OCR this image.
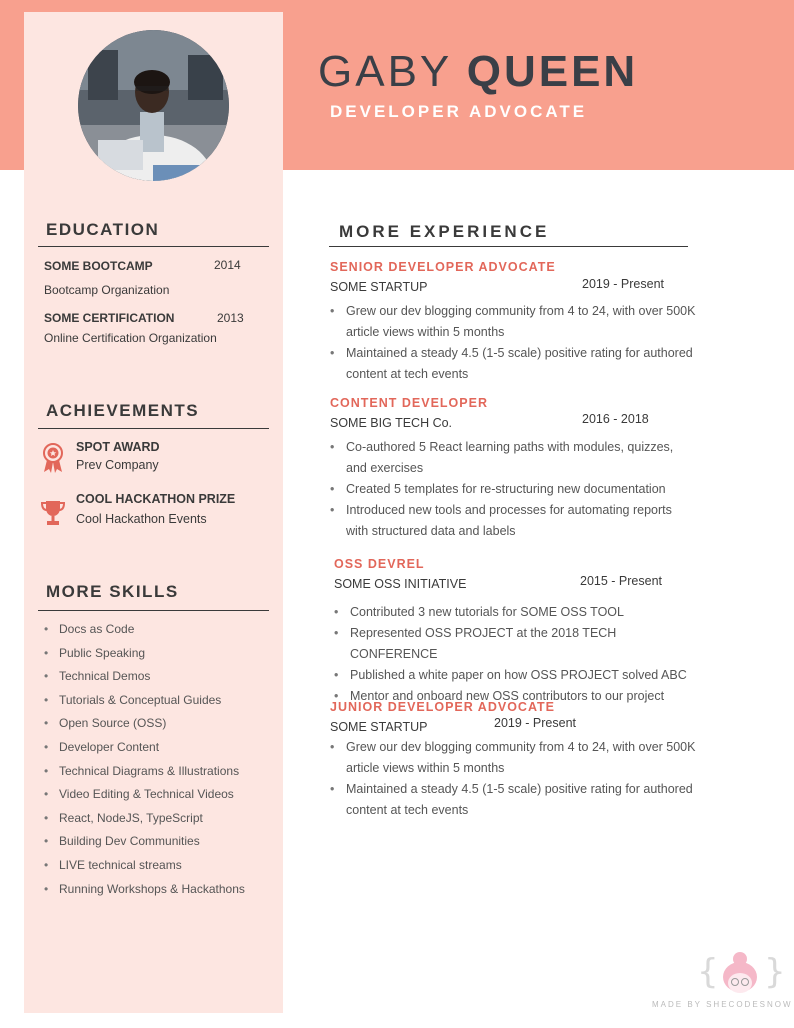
GABY QUEEN
DEVELOPER ADVOCATE
EDUCATION
SOME BOOTCAMP	2014
Bootcamp Organization
SOME CERTIFICATION	2013
Online Certification Organization
ACHIEVEMENTS
SPOT AWARD
Prev Company
COOL HACKATHON PRIZE
Cool Hackathon Events
MORE SKILLS
• Docs as Code
• Public Speaking
• Technical Demos
• Tutorials & Conceptual Guides
• Open Source (OSS)
• Developer Content
• Technical Diagrams & Illustrations
• Video Editing & Technical Videos
• React, NodeJS, TypeScript
• Building Dev Communities
• LIVE technical streams
• Running Workshops & Hackathons
MORE EXPERIENCE
SENIOR DEVELOPER ADVOCATE
SOME STARTUP	2019 - Present
• Grew our dev blogging community from 4 to 24, with over 500K article views within 5 months
• Maintained a steady 4.5 (1-5 scale) positive rating for authored content at tech events
CONTENT DEVELOPER
SOME BIG TECH Co.	2016 - 2018
• Co-authored 5 React learning paths with modules, quizzes, and exercises
• Created 5 templates for re-structuring new documentation
• Introduced new tools and processes for automating reports with structured data and labels
OSS DEVREL
SOME OSS INITIATIVE	2015 - Present
• Contributed 3 new tutorials for SOME OSS TOOL
• Represented OSS PROJECT at the 2018 TECH CONFERENCE
• Published a white paper on how OSS PROJECT solved ABC
• Mentor and onboard new OSS contributors to our project
JUNIOR DEVELOPER ADVOCATE
SOME STARTUP	2019 - Present
• Grew our dev blogging community from 4 to 24, with over 500K article views within 5 months
• Maintained a steady 4.5 (1-5 scale) positive rating for authored content at tech events
{ }
MADE BY SHECODESNOW
